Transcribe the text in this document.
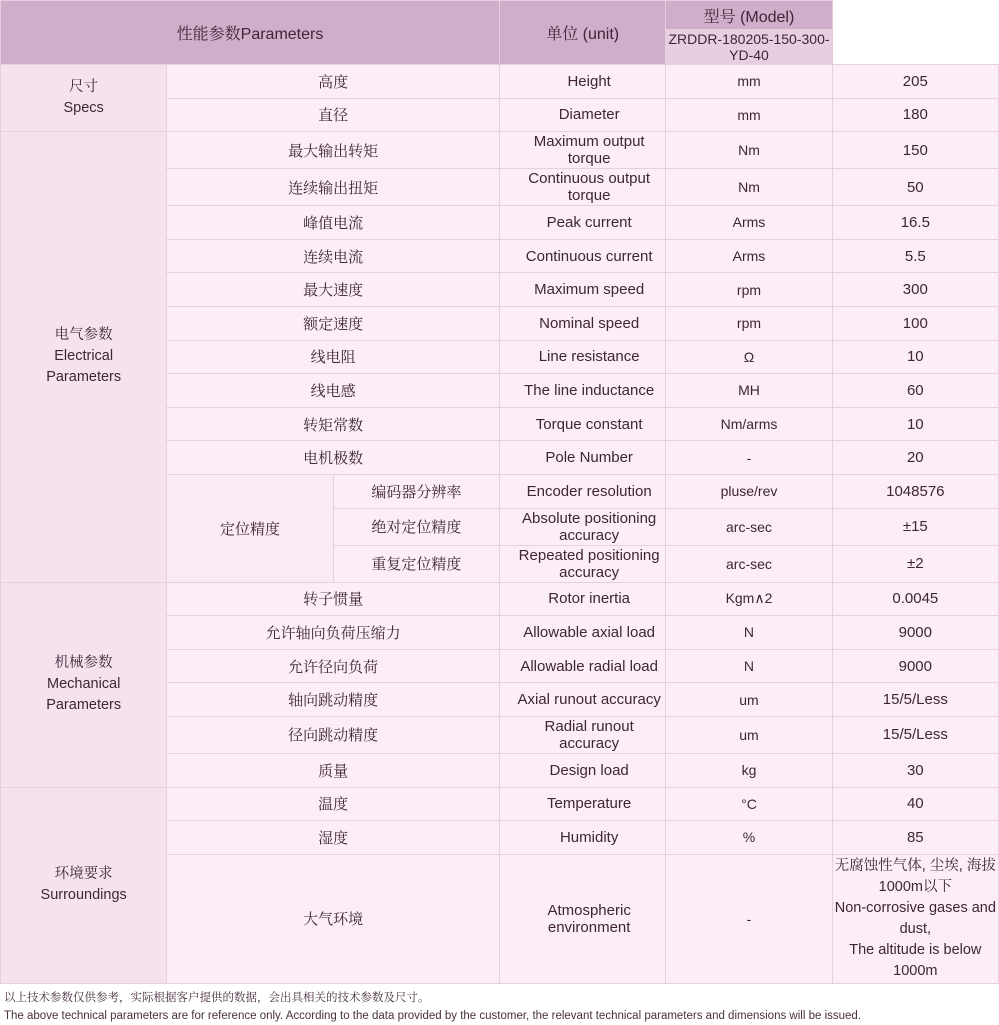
性能参数Parameters			单位 (unit)	型号 (Model)	
				ZRDDR-180205-150-300-YD-40	
尺寸
Specs	高度		Height	mm	205
	直径		Diameter	mm	180
电气参数
Electrical
Parameters	最大输出转矩		Maximum output torque	Nm	150
	连续输出扭矩		Continuous output torque	Nm	50
	峰值电流		Peak current	Arms	16.5
	连续电流		Continuous current	Arms	5.5
	最大速度		Maximum speed	rpm	300
	额定速度		Nominal speed	rpm	100
	线电阻		Line resistance	Ω	10
	线电感		The line inductance	MH	60
	转矩常数		Torque constant	Nm/arms	10
	电机极数		Pole Number	-	20
	定位精度	编码器分辨率	Encoder resolution	pluse/rev	1048576
		绝对定位精度	Absolute positioning accuracy	arc-sec	±15
		重复定位精度	Repeated positioning accuracy	arc-sec	±2
机械参数
Mechanical
Parameters	转子惯量		Rotor inertia	Kgm∧2	0.0045
	允许轴向负荷压缩力		Allowable axial load	N	9000
	允许径向负荷		Allowable radial load	N	9000
	轴向跳动精度		Axial runout accuracy	um	15/5/Less
	径向跳动精度		Radial runout accuracy	um	15/5/Less
	质量		Design load	kg	30
环境要求
Surroundings	温度		Temperature	°C	40
	湿度		Humidity	%	85
	大气环境		Atmospheric environment	-	无腐蚀性气体, 尘埃, 海拔1000m以下
Non-corrosive gases and dust,
The altitude is below 1000m
以上技术参数仅供参考，实际根据客户提供的数据，会出具相关的技术参数及尺寸。
The above technical parameters are for reference only. According to the data provided by the customer, the relevant technical parameters and dimensions will be issued.
